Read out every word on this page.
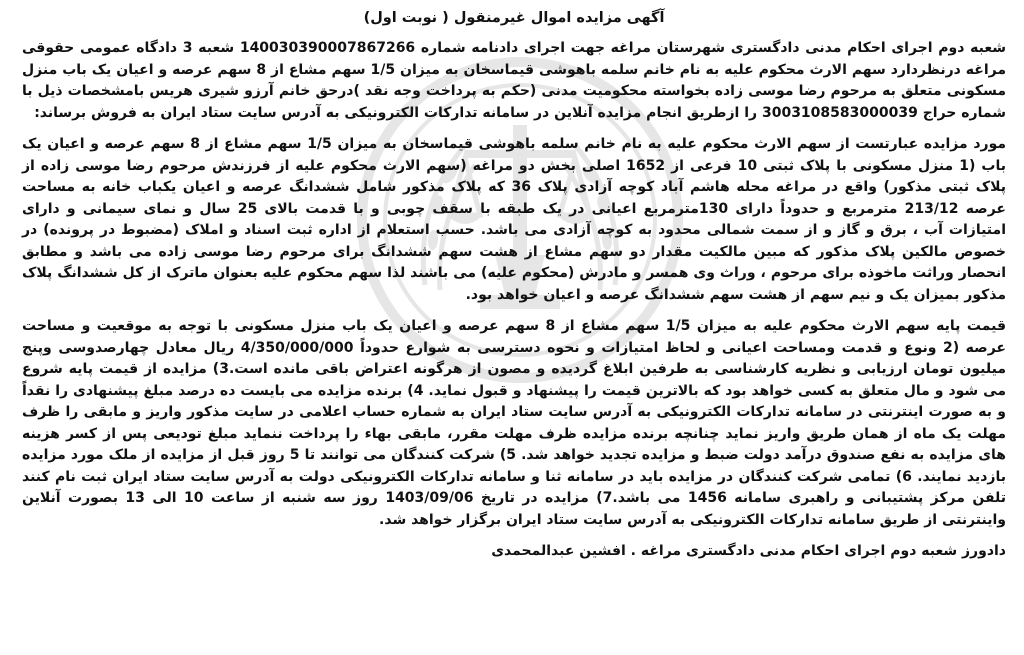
آگهی مزایده اموال غیرمنقول ( نوبت اول)

شعبه دوم اجرای احکام مدنی دادگستری شهرستان مراغه جهت اجرای دادنامه شماره 140030390007867266 شعبه 3 دادگاه عمومی حقوقی مراغه درنظردارد سهم الارث محکوم علیه به نام خانم سلمه باهوشی قیماسخان به میزان 1/5 سهم مشاع از 8 سهم عرصه و اعیان یک باب منزل مسکونی متعلق به مرحوم رضا موسی زاده بخواسته محکومیت مدنی (حکم به پرداخت وجه نقد )درحق خانم آرزو شیری هریس بامشخصات ذیل با شماره حراج 3003108583000039 را ازطریق انجام مزایده آنلاین در سامانه تدارکات الکترونیکی به آدرس سایت ستاد ایران به فروش برساند:

مورد مزایده عبارتست از سهم الارث محکوم علیه به نام خانم سلمه باهوشی قیماسخان به میزان 1/5 سهم مشاع از 8 سهم عرصه و اعیان یک باب (1 منزل مسکونی با پلاک ثبتی 10 فرعی از 1652 اصلی بخش دو مراغه (سهم الارث محکوم علیه از فرزندش مرحوم رضا موسی زاده از پلاک ثبتی مذکور) واقع در مراغه محله هاشم آباد کوچه آزادی پلاک 36 که پلاک مذکور شامل ششدانگ عرصه و اعیان یکباب خانه به مساحت عرصه 213/12 مترمربع و حدوداً دارای 130مترمربع اعیانی در یک طبقه با سقف چوبی و با قدمت بالای 25 سال و نمای سیمانی و دارای امتیازات آب ، برق و گاز و از سمت شمالی محدود به کوچه آزادی می باشد. حسب استعلام از اداره ثبت اسناد و املاک (مضبوط در پرونده) در خصوص مالکین پلاک مذکور که مبین مالکیت مقدار دو سهم مشاع از هشت سهم ششدانگ برای مرحوم رضا موسی زاده می باشد و مطابق انحصار وراثت ماخوذه برای مرحوم ، وراث وی همسر و مادرش (محکوم علیه) می باشند لذا سهم محکوم علیه بعنوان ماترک از کل ششدانگ پلاک مذکور بمیزان یک و نیم سهم از هشت سهم ششدانگ عرصه و اعیان خواهد بود.

قیمت پایه سهم الارث محکوم علیه به میزان 1/5 سهم مشاع از 8 سهم عرصه و اعیان یک باب منزل مسکونی با توجه به موقعیت و مساحت عرصه (2 ونوع و قدمت ومساحت اعیانی و لحاظ امتیازات و نحوه دسترسی به شوارع حدوداً 4/350/000/000 ریال معادل چهارصدوسی وپنج میلیون تومان ارزیابی و نظریه کارشناسی به طرفین ابلاغ گردیده و مصون از هرگونه اعتراض باقی مانده است.3) مزایده از قیمت پایه شروع می شود و مال متعلق به کسی خواهد بود که بالاترین قیمت را پیشنهاد و قبول نماید. 4) برنده مزایده می بایست ده درصد مبلغ پیشنهادی را نقداً و به صورت اینترنتی در سامانه تدارکات الکترونیکی به آدرس سایت ستاد ایران به شماره حساب اعلامی در سایت مذکور واریز و مابقی را ظرف مهلت یک ماه از همان طریق واریز نماید چنانچه برنده مزایده ظرف مهلت مقرر، مابقی بهاء را پرداخت ننماید مبلغ تودیعی پس از کسر هزینه های مزایده به نفع صندوق درآمد دولت ضبط و مزایده تجدید خواهد شد. 5) شرکت کنندگان می توانند تا 5 روز قبل از مزایده از ملک مورد مزایده بازدید نمایند. 6) تمامی شرکت کنندگان در مزایده باید در سامانه ثنا و سامانه تدارکات الکترونیکی دولت به آدرس سایت ستاد ایران ثبت نام کنند تلفن مرکز پشتیبانی و راهبری سامانه 1456 می باشد.7) مزایده در تاریخ 1403/09/06 روز سه شنبه از ساعت 10 الی 13 بصورت آنلاین واینترنتی از طریق سامانه تدارکات الکترونیکی به آدرس سایت ستاد ایران برگزار خواهد شد.

دادورز شعبه دوم اجرای احکام مدنی دادگستری مراغه . افشین عبدالمحمدی
